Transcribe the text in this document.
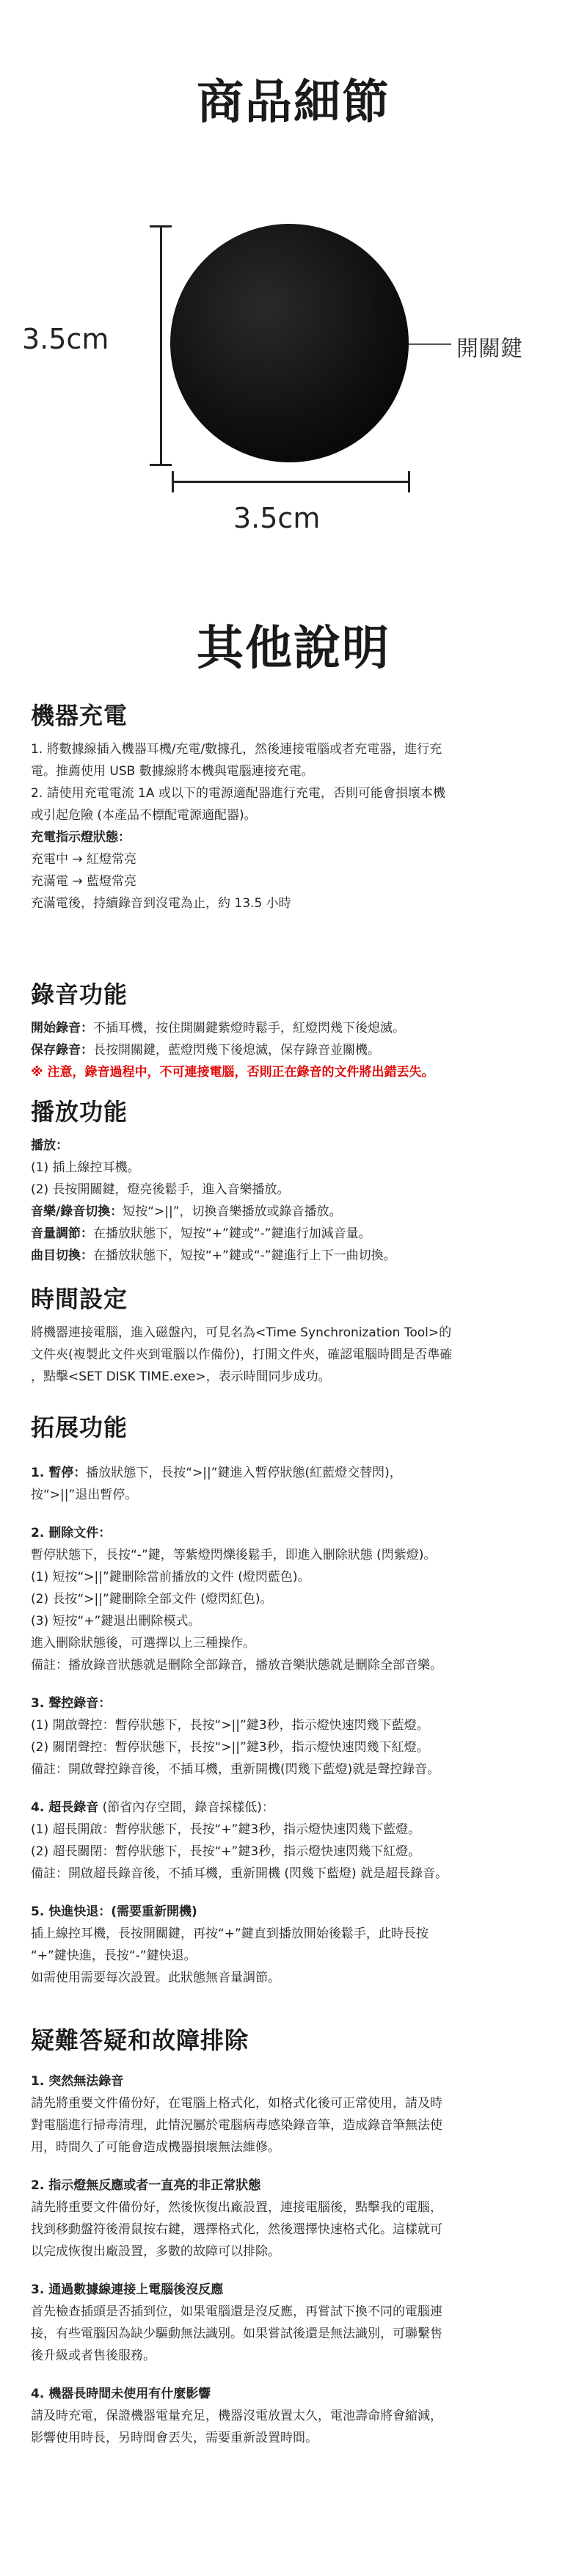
商品細節
3.5cm	開關鍵
3.5cm
其他說明
機器充電

1. 將數據線插入機器耳機/充電/數據孔，然後連接電腦或者充電器，進行充

電。推薦使用 USB 數據線將本機與電腦連接充電。

2. 請使用充電電流 1A 或以下的電源適配器進行充電，否則可能會損壞本機

或引起危險 (本產品不標配電源適配器)。

充電指示燈狀態：

充電中 → 紅燈常亮

充滿電 → 藍燈常亮

充滿電後，持續錄音到沒電為止，約 13.5 小時

錄音功能

開始錄音：不插耳機，按住開關鍵紫燈時鬆手，紅燈閃幾下後熄滅。

保存錄音：長按開關鍵，藍燈閃幾下後熄滅，保存錄音並關機。

※ 注意，錄音過程中，不可連接電腦，否則正在錄音的文件將出錯丟失。

播放功能

播放：

(1) 插上線控耳機。

(2) 長按開關鍵，燈亮後鬆手，進入音樂播放。

音樂/錄音切換：短按“>||”，切換音樂播放或錄音播放。

音量調節：在播放狀態下，短按“+”鍵或“-”鍵進行加減音量。

曲目切換：在播放狀態下，短按“+”鍵或“-”鍵進行上下一曲切換。

時間設定

將機器連接電腦，進入磁盤內，可見名為<Time Synchronization Tool>的

文件夾(複製此文件夾到電腦以作備份)，打開文件夾，確認電腦時間是否準確

，點擊<SET DISK TIME.exe>，表示時間同步成功。

拓展功能

1. 暫停：

播放狀態下，長按“>||”鍵進入暫停狀態(紅藍燈交替閃)，

按“>||”退出暫停。

2. 刪除文件：

暫停狀態下，長按“-”鍵，等紫燈閃爍後鬆手，即進入刪除狀態 (閃紫燈)。

(1) 短按“>||”鍵刪除當前播放的文件 (燈閃藍色)。

(2) 長按“>||”鍵刪除全部文件 (燈閃紅色)。

(3) 短按“+”鍵退出刪除模式。

進入刪除狀態後，可選擇以上三種操作。

備註：播放錄音狀態就是刪除全部錄音，播放音樂狀態就是刪除全部音樂。

3. 聲控錄音：

(1) 開啟聲控：暫停狀態下，長按“>||”鍵3秒，指示燈快速閃幾下藍燈。

(2) 關閉聲控：暫停狀態下，長按“>||”鍵3秒，指示燈快速閃幾下紅燈。

備註：開啟聲控錄音後，不插耳機，重新開機(閃幾下藍燈)就是聲控錄音。

4. 超長錄音 (節省內存空間，錄音採樣低)：

(1) 超長開啟：暫停狀態下，長按“+”鍵3秒，指示燈快速閃幾下藍燈。

(2) 超長關閉：暫停狀態下，長按“+”鍵3秒，指示燈快速閃幾下紅燈。

備註：開啟超長錄音後，不插耳機，重新開機 (閃幾下藍燈) 就是超長錄音。

5. 快進快退：(需要重新開機)

插上線控耳機，長按開關鍵，再按“+”鍵直到播放開始後鬆手，此時長按

“+”鍵快進，長按“-”鍵快退。

如需使用需要每次設置。此狀態無音量調節。

疑難答疑和故障排除

1. 突然無法錄音

請先將重要文件備份好，在電腦上格式化，如格式化後可正常使用，請及時

對電腦進行掃毒清理，此情況屬於電腦病毒感染錄音筆，造成錄音筆無法使

用，時間久了可能會造成機器損壞無法維修。

2. 指示燈無反應或者一直亮的非正常狀態

請先將重要文件備份好，然後恢復出廠設置，連接電腦後，點擊我的電腦，

找到移動盤符後滑鼠按右鍵，選擇格式化，然後選擇快速格式化。這樣就可

以完成恢復出廠設置，多數的故障可以排除。

3. 通過數據線連接上電腦後沒反應

首先檢查插頭是否插到位，如果電腦還是沒反應，再嘗試下換不同的電腦連

接，有些電腦因為缺少驅動無法識別。如果嘗試後還是無法識別，可聯繫售

後升級或者售後服務。

4. 機器長時間未使用有什麼影響

請及時充電，保證機器電量充足，機器沒電放置太久，電池壽命將會縮減，

影響使用時長，另時間會丟失，需要重新設置時間。
